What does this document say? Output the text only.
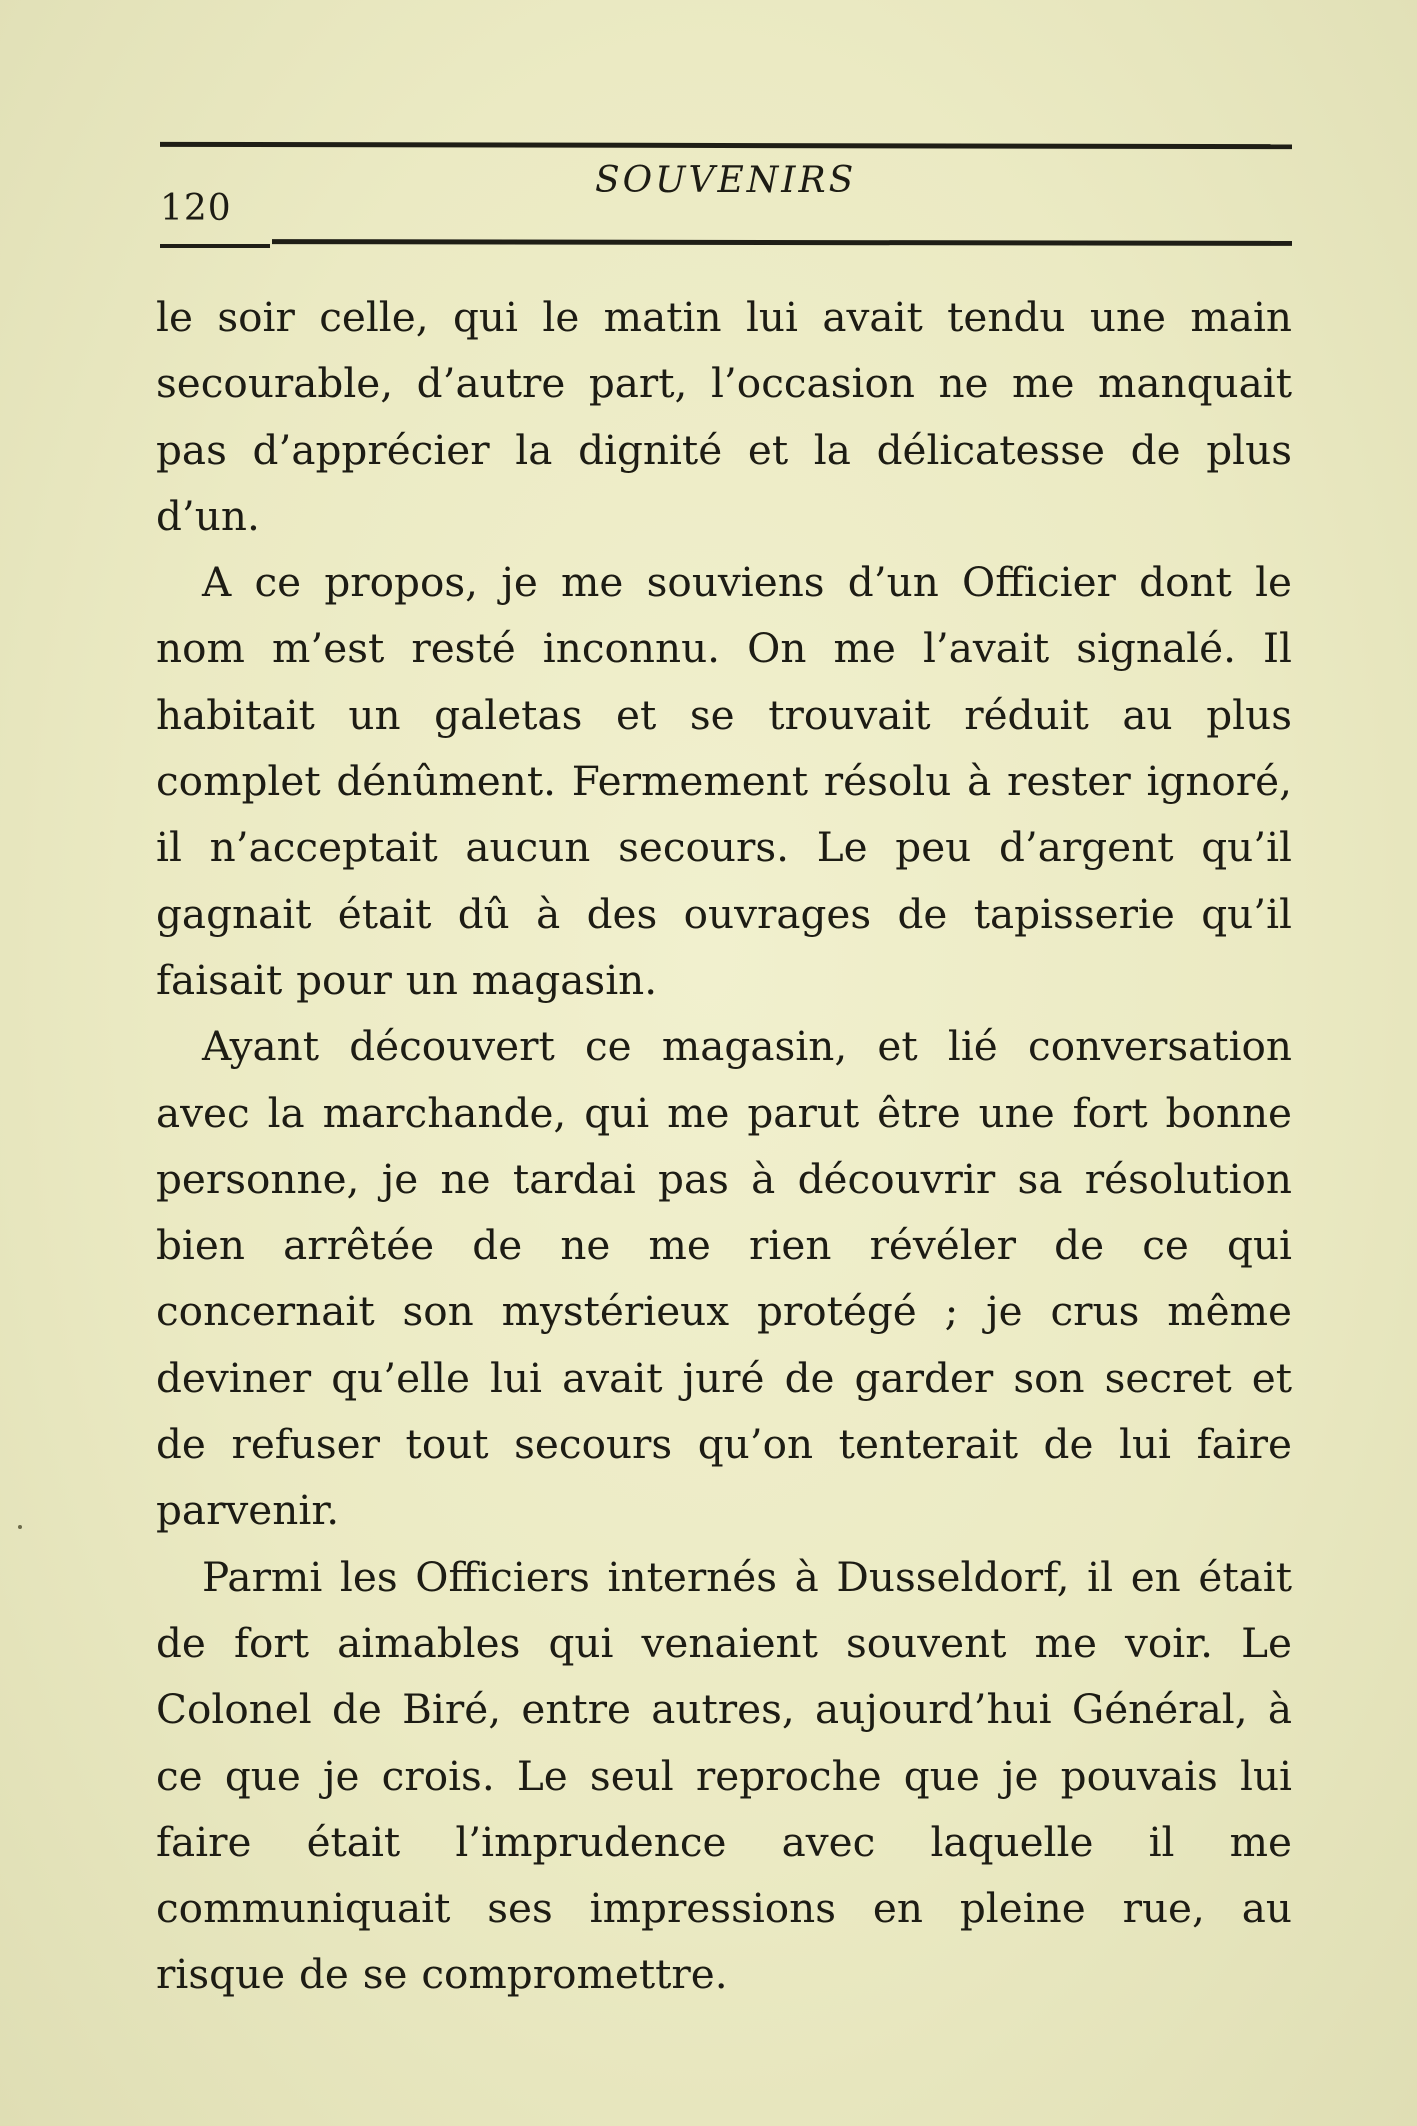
120
SOUVENIRS

le soir celle, qui le matin lui avait tendu une main secourable, d’autre part, l’occasion ne me manquait pas d’apprécier la dignité et la délicatesse de plus d’un.

A ce propos, je me souviens d’un Officier dont le nom m’est resté inconnu. On me l’avait signalé. Il habitait un galetas et se trouvait réduit au plus complet dénûment. Fermement résolu à rester ignoré, il n’acceptait aucun secours. Le peu d’argent qu’il gagnait était dû à des ouvrages de tapisserie qu’il faisait pour un magasin.

Ayant découvert ce magasin, et lié conversation avec la marchande, qui me parut être une fort bonne personne, je ne tardai pas à découvrir sa résolution bien arrêtée de ne me rien révéler de ce qui concernait son mystérieux protégé ; je crus même deviner qu’elle lui avait juré de garder son secret et de refuser tout secours qu’on tenterait de lui faire parvenir.

Parmi les Officiers internés à Dusseldorf, il en était de fort aimables qui venaient souvent me voir. Le Colonel de Biré, entre autres, aujourd’hui Général, à ce que je crois. Le seul reproche que je pouvais lui faire était l’imprudence avec laquelle il me communiquait ses impressions en pleine rue, au risque de se compromettre.
